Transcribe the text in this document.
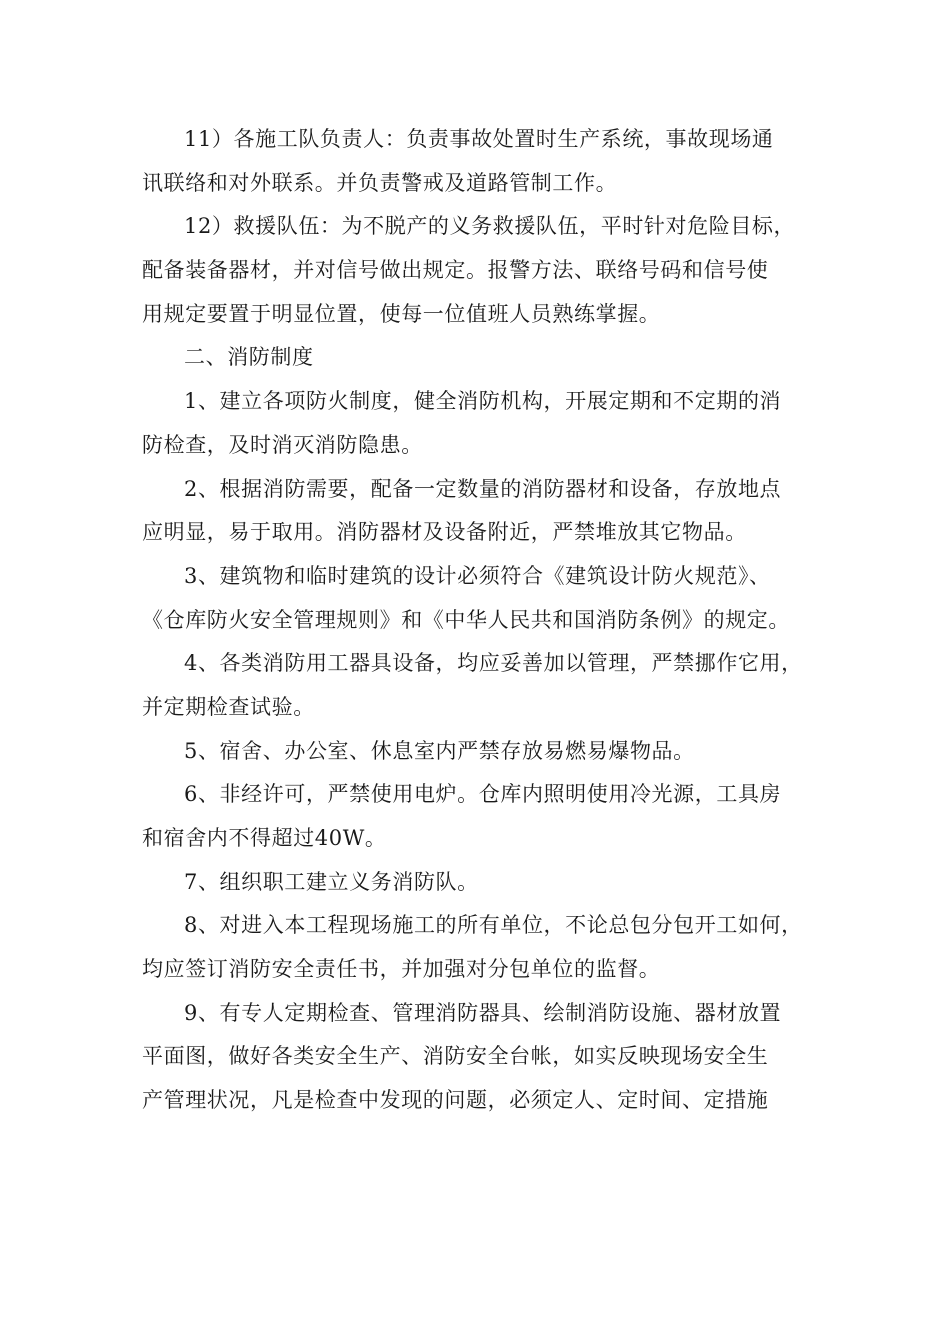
11）各施工队负责人：负责事故处置时生产系统，事故现场通
讯联络和对外联系。并负责警戒及道路管制工作。
12）救援队伍：为不脱产的义务救援队伍，平时针对危险目标，
配备装备器材，并对信号做出规定。报警方法、联络号码和信号使
用规定要置于明显位置，使每一位值班人员熟练掌握。
二、消防制度
1、建立各项防火制度，健全消防机构，开展定期和不定期的消
防检查，及时消灭消防隐患。
2、根据消防需要，配备一定数量的消防器材和设备，存放地点
应明显，易于取用。消防器材及设备附近，严禁堆放其它物品。
3、建筑物和临时建筑的设计必须符合《建筑设计防火规范》、
《仓库防火安全管理规则》和《中华人民共和国消防条例》的规定。
4、各类消防用工器具设备，均应妥善加以管理，严禁挪作它用，
并定期检查试验。
5、宿舍、办公室、休息室内严禁存放易燃易爆物品。
6、非经许可，严禁使用电炉。仓库内照明使用冷光源，工具房
和宿舍内不得超过40W。
7、组织职工建立义务消防队。
8、对进入本工程现场施工的所有单位，不论总包分包开工如何，
均应签订消防安全责任书，并加强对分包单位的监督。
9、有专人定期检查、管理消防器具、绘制消防设施、器材放置
平面图，做好各类安全生产、消防安全台帐，如实反映现场安全生
产管理状况，凡是检查中发现的问题，必须定人、定时间、定措施
